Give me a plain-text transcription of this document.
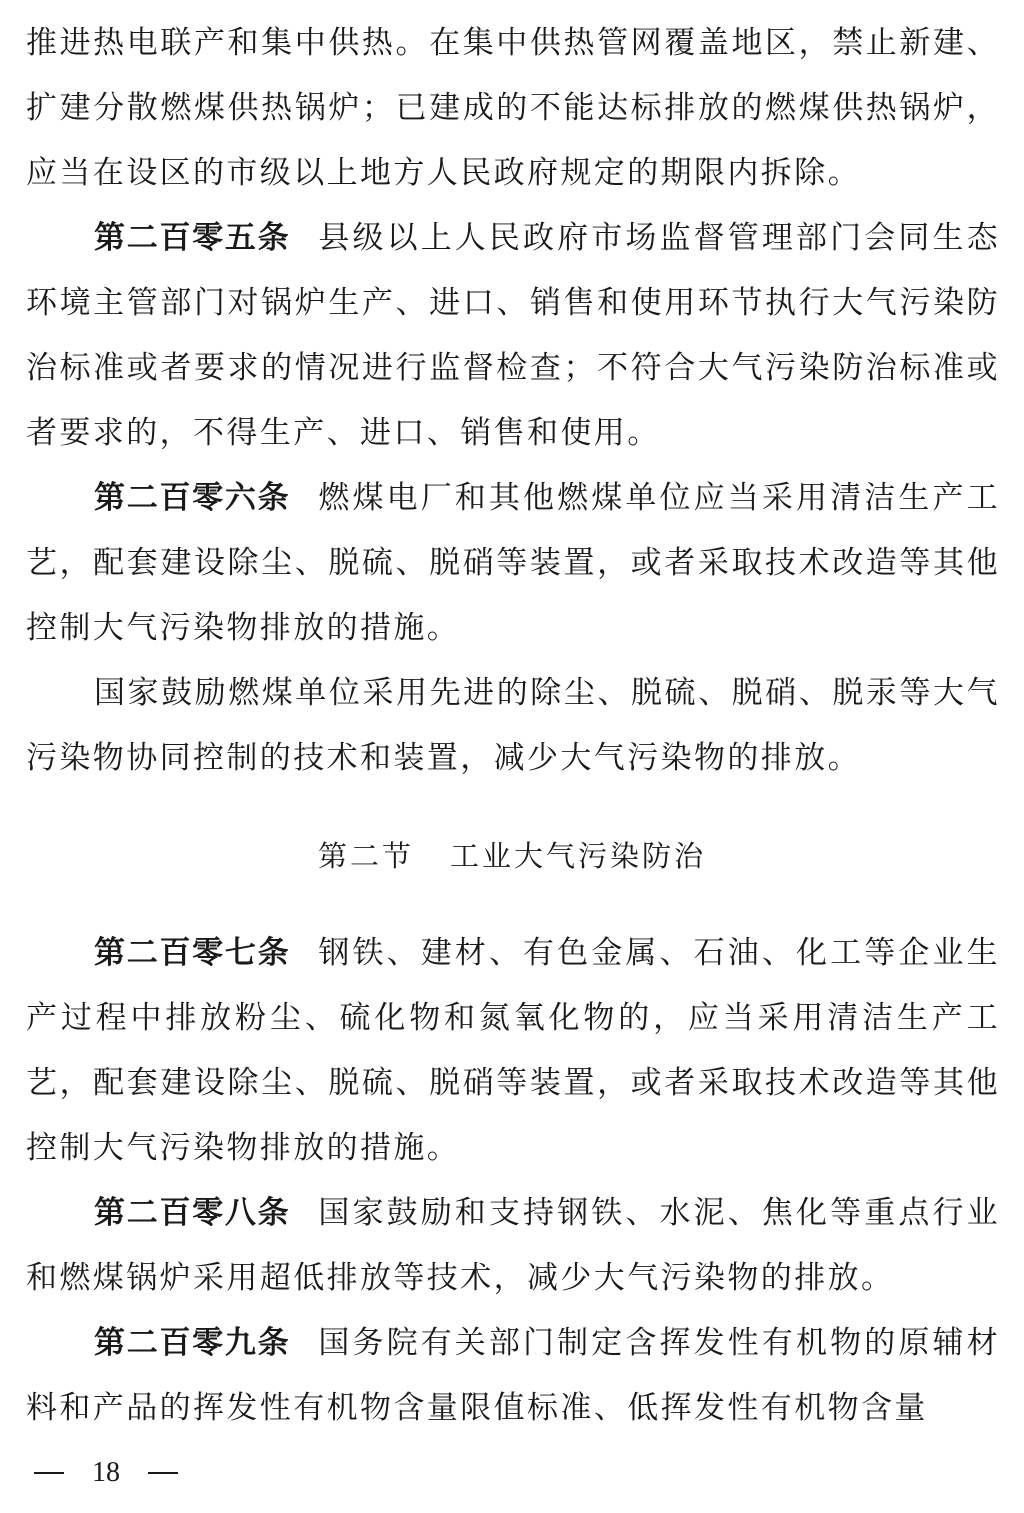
推进热电联产和集中供热。在集中供热管网覆盖地区，禁止新建、扩建分散燃煤供热锅炉；已建成的不能达标排放的燃煤供热锅炉，应当在设区的市级以上地方人民政府规定的期限内拆除。

第二百零五条 县级以上人民政府市场监督管理部门会同生态环境主管部门对锅炉生产、进口、销售和使用环节执行大气污染防治标准或者要求的情况进行监督检查；不符合大气污染防治标准或者要求的，不得生产、进口、销售和使用。

第二百零六条 燃煤电厂和其他燃煤单位应当采用清洁生产工艺，配套建设除尘、脱硫、脱硝等装置，或者采取技术改造等其他控制大气污染物排放的措施。

国家鼓励燃煤单位采用先进的除尘、脱硫、脱硝、脱汞等大气污染物协同控制的技术和装置，减少大气污染物的排放。

第二节 工业大气污染防治

第二百零七条 钢铁、建材、有色金属、石油、化工等企业生产过程中排放粉尘、硫化物和氮氧化物的，应当采用清洁生产工艺，配套建设除尘、脱硫、脱硝等装置，或者采取技术改造等其他控制大气污染物排放的措施。

第二百零八条 国家鼓励和支持钢铁、水泥、焦化等重点行业和燃煤锅炉采用超低排放等技术，减少大气污染物的排放。

第二百零九条 国务院有关部门制定含挥发性有机物的原辅材料和产品的挥发性有机物含量限值标准、低挥发性有机物含量

18
